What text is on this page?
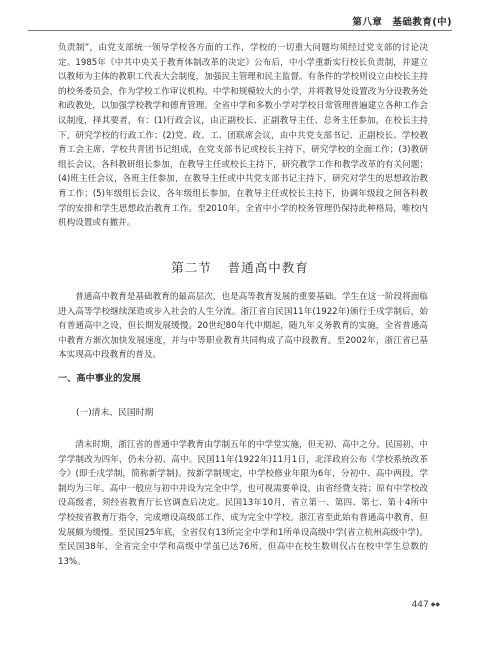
第八章　基础教育(中)
负责制”，由党支部统一领导学校各方面的工作，学校的一切重大问题均须经过党支部的讨论决定。1985年《中共中央关于教育体制改革的决定》公布后，中小学重新实行校长负责制，并建立以教师为主体的教职工代表大会制度，加强民主管理和民主监督。有条件的学校则设立由校长主持的校务委员会，作为学校工作审议机构。中学和规模较大的小学，并将教导处设置改为分设教务处和政教处，以加强学校教学和德育管理。全省中学和多数小学对学校日常管理普遍建立各种工作会议制度，择其要者，有：(1)行政会议，由正副校长、正副教导主任、总务主任参加，在校长主持下，研究学校的行政工作；(2)党、政、工、团联席会议，由中共党支部书记、正副校长、学校教育工会主席、学校共青团书记组成，在党支部书记或校长主持下，研究学校的全面工作；(3)教研组长会议，各科教研组长参加，在教导主任或校长主持下，研究教学工作和教学改革的有关问题；(4)班主任会议，各班主任参加，在教导主任或中共党支部书记主持下，研究对学生的思想政治教育工作；(5)年级组长会议，各年级组长参加，在教导主任或校长主持下，协调年级段之间各科教学的安排和学生思想政治教育工作。至2010年，全省中小学的校务管理仍保持此种格局，唯校内机构设置或有撤并。
第二节 普通高中教育
普通高中教育是基础教育的最高层次，也是高等教育发展的重要基础。学生在这一阶段将面临进入高等学校继续深造或步入社会的人生分流。浙江省自民国11年(1922年)颁行壬戌学制后，始有普通高中之设，但长期发展缓慢。20世纪80年代中期起，随九年义务教育的实施，全省普通高中教育方渐次加快发展速度，并与中等职业教育共同构成了高中段教育。至2002年，浙江省已基本实现高中段教育的普及。
一、高中事业的发展
(一)清末、民国时期
清末时期，浙江省的普通中学教育由学制五年的中学堂实施，但无初、高中之分。民国初，中学学制改为四年，仍未分初、高中。民国11年(1922年)11月1日，北洋政府公布《学校系统改革令》(即壬戌学制，简称新学制)。按新学制规定，中学校修业年限为6年，分初中、高中两段，学制均为三年。高中一般应与初中并设为完全中学，也可视需要单设，由省经费支持；原有中学校改设高级者，须经省教育厅长官调查后决定。民国13年10月，省立第一、第四、第七、第十4所中学校按省教育厅指令，完成增设高级部工作，成为完全中学校。浙江省至此始有普通高中教育，但发展颇为缓慢。至民国25年底，全省仅有13所完全中学和1所单设高级中学(省立杭州高级中学)。至民国38年，全省完全中学和高级中学虽已达76所，但高中在校生数则仅占在校中学生总数的13%。
447 ◆◆
